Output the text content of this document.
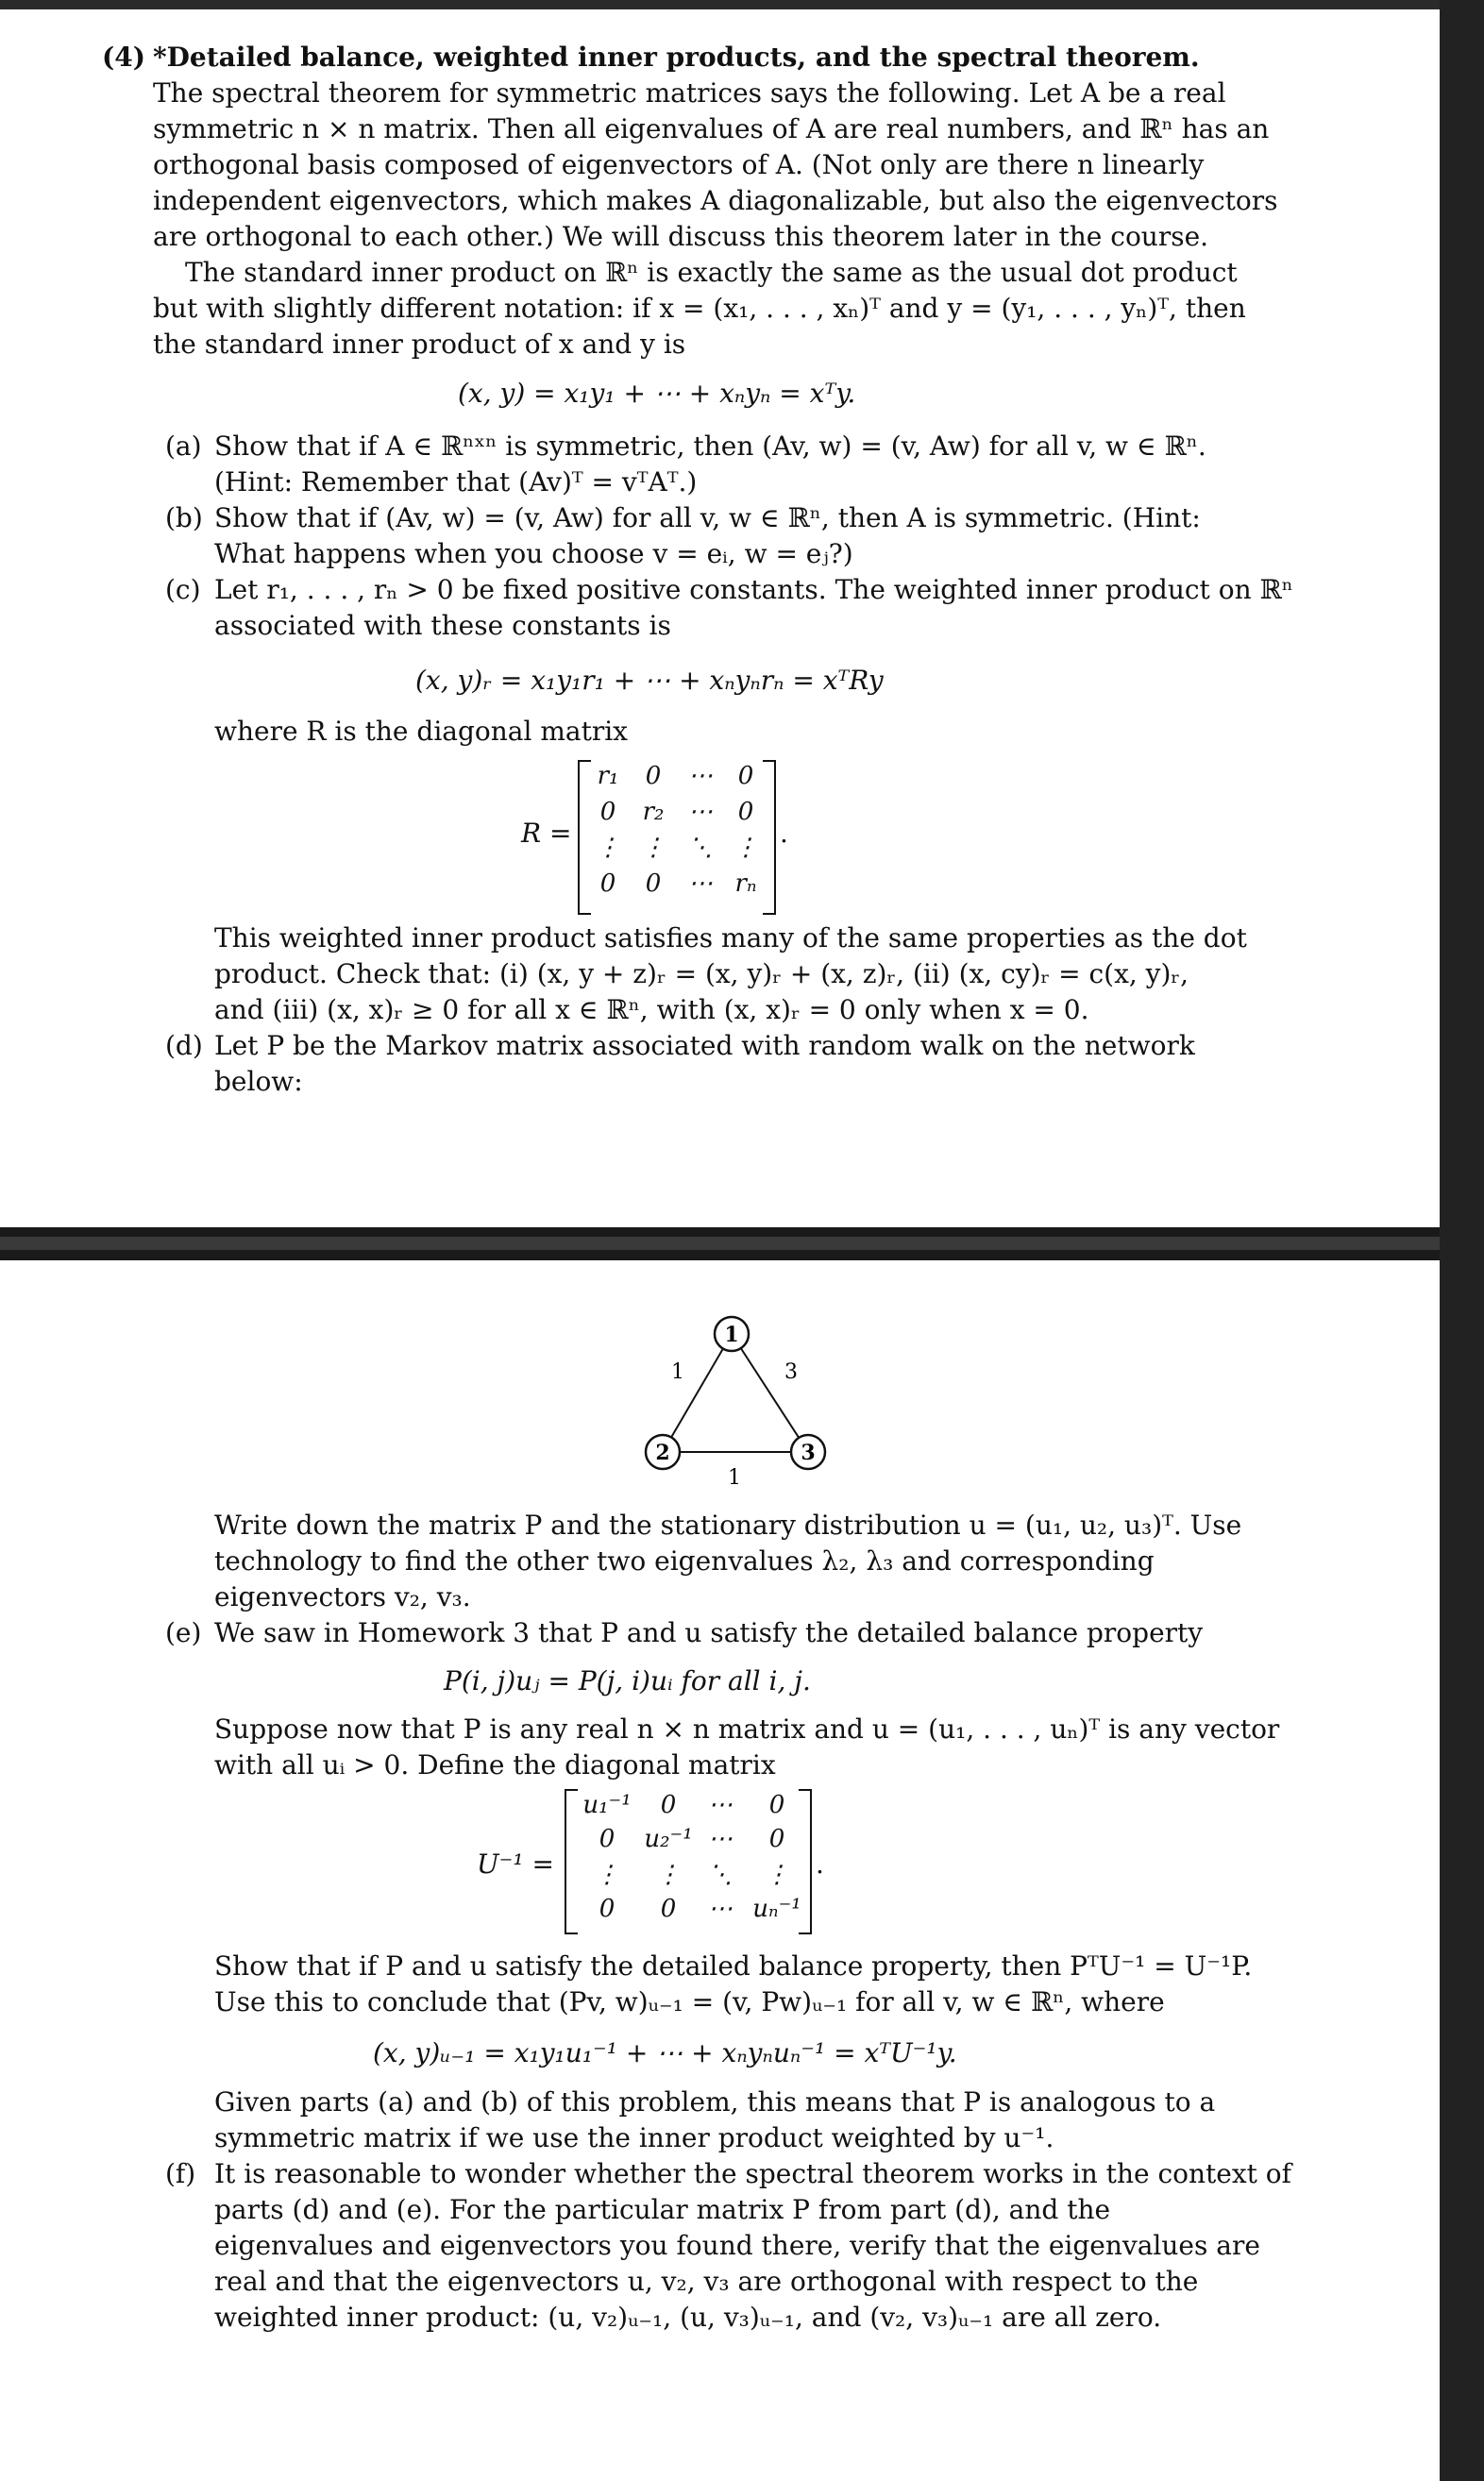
(4) *Detailed balance, weighted inner products, and the spectral theorem.
The spectral theorem for symmetric matrices says the following. Let A be a real
symmetric n × n matrix. Then all eigenvalues of A are real numbers, and ℝⁿ has an
orthogonal basis composed of eigenvectors of A. (Not only are there n linearly
independent eigenvectors, which makes A diagonalizable, but also the eigenvectors
are orthogonal to each other.) We will discuss this theorem later in the course.
The standard inner product on ℝⁿ is exactly the same as the usual dot product
but with slightly different notation: if x = (x₁, . . . , xₙ)ᵀ and y = (y₁, . . . , yₙ)ᵀ, then
the standard inner product of x and y is
(x, y) = x₁y₁ + ⋯ + xₙyₙ = xᵀy.
(a) Show that if A ∈ ℝⁿˣⁿ is symmetric, then (Av, w) = (v, Aw) for all v, w ∈ ℝⁿ.
(Hint: Remember that (Av)ᵀ = vᵀAᵀ.)
(b) Show that if (Av, w) = (v, Aw) for all v, w ∈ ℝⁿ, then A is symmetric. (Hint:
What happens when you choose v = eᵢ, w = eⱼ?)
(c) Let r₁, . . . , rₙ > 0 be fixed positive constants. The weighted inner product on ℝⁿ
associated with these constants is
(x, y)ᵣ = x₁y₁r₁ + ⋯ + xₙyₙrₙ = xᵀRy
where R is the diagonal matrix
R =
r₁	0	⋯	0
0	r₂ ⋯	0
⋮ ⋮ ⋱ ⋮
0	0	⋯ rₙ
.
This weighted inner product satisfies many of the same properties as the dot
product. Check that: (i) (x, y + z)ᵣ = (x, y)ᵣ + (x, z)ᵣ, (ii) (x, cy)ᵣ = c(x, y)ᵣ,
and (iii) (x, x)ᵣ ≥ 0 for all x ∈ ℝⁿ, with (x, x)ᵣ = 0 only when x = 0.
(d) Let P be the Markov matrix associated with random walk on the network
below:
1
2	3
1	3
1
Write down the matrix P and the stationary distribution u = (u₁, u₂, u₃)ᵀ. Use
technology to find the other two eigenvalues λ₂, λ₃ and corresponding
eigenvectors v₂, v₃.
(e) We saw in Homework 3 that P and u satisfy the detailed balance property
P(i, j)uⱼ = P(j, i)uᵢ for all i, j.
Suppose now that P is any real n × n matrix and u = (u₁, . . . , uₙ)ᵀ is any vector
with all uᵢ > 0. Define the diagonal matrix
U⁻¹ =
u₁⁻¹	0	⋯	0
0	u₂⁻¹ ⋯	0
⋮	⋮	⋱	⋮
0	0	⋯ uₙ⁻¹
.
Show that if P and u satisfy the detailed balance property, then PᵀU⁻¹ = U⁻¹P.
Use this to conclude that (Pv, w)ᵤ₋₁ = (v, Pw)ᵤ₋₁ for all v, w ∈ ℝⁿ, where
(x, y)ᵤ₋₁ = x₁y₁u₁⁻¹ + ⋯ + xₙyₙuₙ⁻¹ = xᵀU⁻¹y.
Given parts (a) and (b) of this problem, this means that P is analogous to a
symmetric matrix if we use the inner product weighted by u⁻¹.
(f) It is reasonable to wonder whether the spectral theorem works in the context of
parts (d) and (e). For the particular matrix P from part (d), and the
eigenvalues and eigenvectors you found there, verify that the eigenvalues are
real and that the eigenvectors u, v₂, v₃ are orthogonal with respect to the
weighted inner product: (u, v₂)ᵤ₋₁, (u, v₃)ᵤ₋₁, and (v₂, v₃)ᵤ₋₁ are all zero.
